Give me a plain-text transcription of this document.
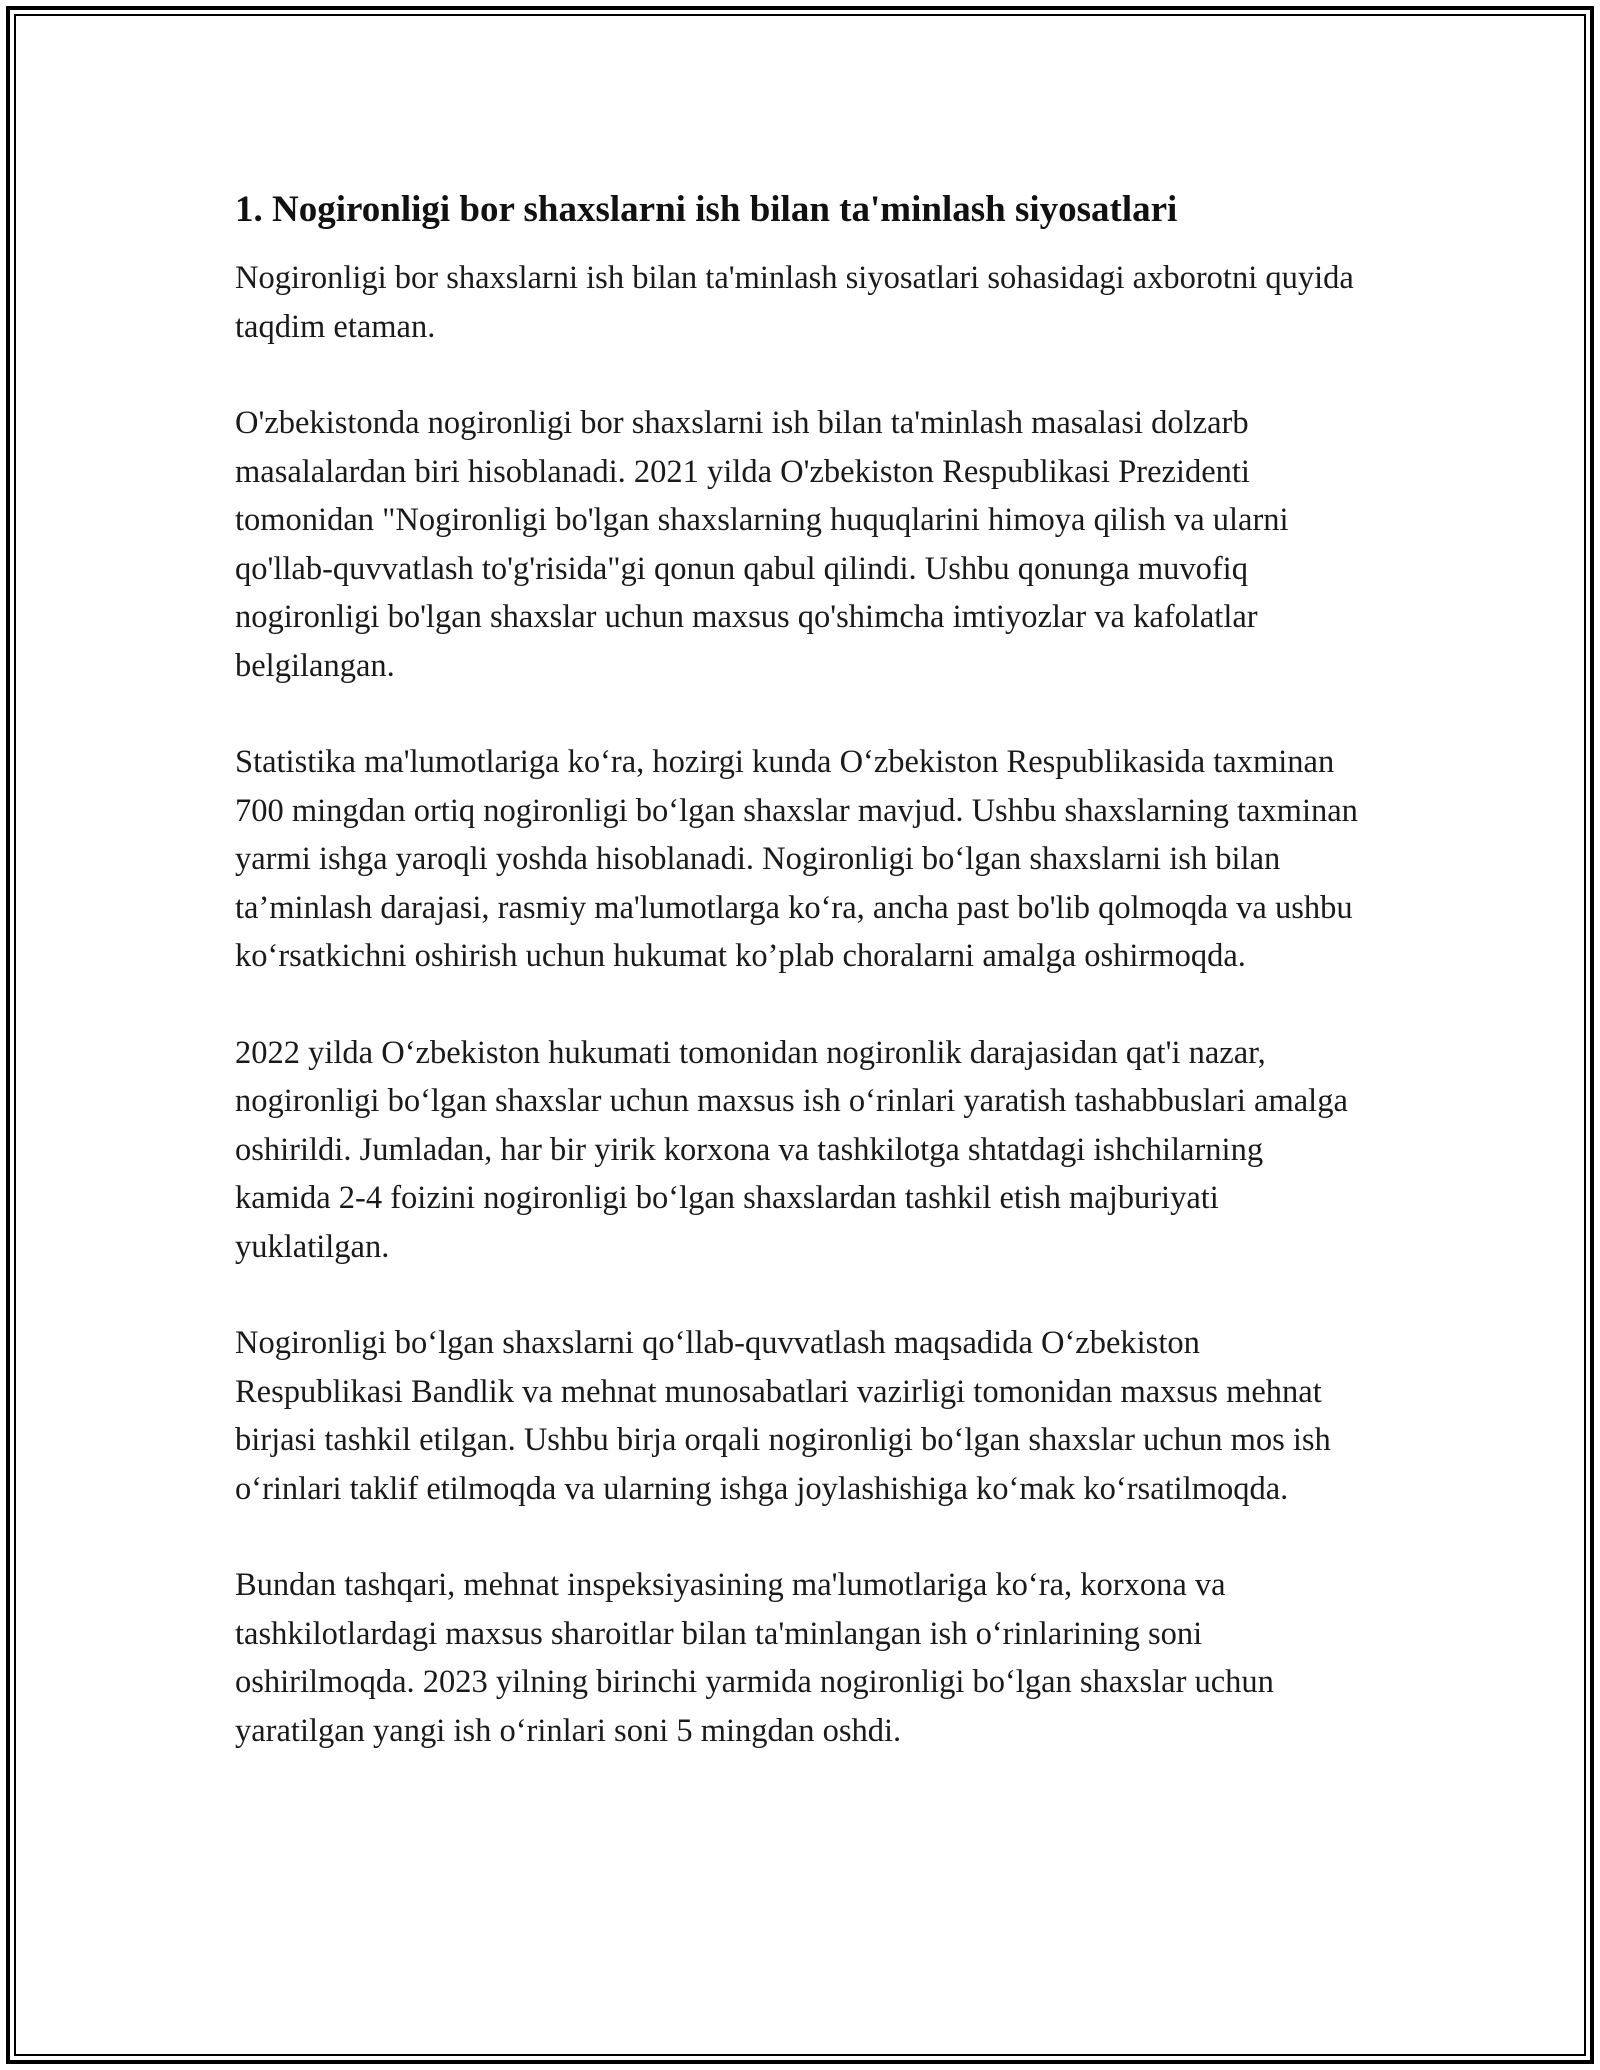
1. Nogironligi bor shaxslarni ish bilan ta'minlash siyosatlari

Nogironligi bor shaxslarni ish bilan ta'minlash siyosatlari sohasidagi axborotni quyida taqdim etaman.

O'zbekistonda nogironligi bor shaxslarni ish bilan ta'minlash masalasi dolzarb masalalardan biri hisoblanadi. 2021 yilda O'zbekiston Respublikasi Prezidenti tomonidan "Nogironligi bo'lgan shaxslarning huquqlarini himoya qilish va ularni qo'llab-quvvatlash to'g'risida"gi qonun qabul qilindi. Ushbu qonunga muvofiq nogironligi bo'lgan shaxslar uchun maxsus qo'shimcha imtiyozlar va kafolatlar belgilangan.

Statistika ma'lumotlariga ko‘ra, hozirgi kunda O‘zbekiston Respublikasida taxminan 700 mingdan ortiq nogironligi bo‘lgan shaxslar mavjud. Ushbu shaxslarning taxminan yarmi ishga yaroqli yoshda hisoblanadi. Nogironligi bo‘lgan shaxslarni ish bilan ta’minlash darajasi, rasmiy ma'lumotlarga ko‘ra, ancha past bo'lib qolmoqda va ushbu ko‘rsatkichni oshirish uchun hukumat ko’plab choralarni amalga oshirmoqda.

2022 yilda O‘zbekiston hukumati tomonidan nogironlik darajasidan qat'i nazar, nogironligi bo‘lgan shaxslar uchun maxsus ish o‘rinlari yaratish tashabbuslari amalga oshirildi. Jumladan, har bir yirik korxona va tashkilotga shtatdagi ishchilarning kamida 2-4 foizini nogironligi bo‘lgan shaxslardan tashkil etish majburiyati yuklatilgan.

Nogironligi bo‘lgan shaxslarni qo‘llab-quvvatlash maqsadida O‘zbekiston Respublikasi Bandlik va mehnat munosabatlari vazirligi tomonidan maxsus mehnat birjasi tashkil etilgan. Ushbu birja orqali nogironligi bo‘lgan shaxslar uchun mos ish o‘rinlari taklif etilmoqda va ularning ishga joylashishiga ko‘mak ko‘rsatilmoqda.

Bundan tashqari, mehnat inspeksiyasining ma'lumotlariga ko‘ra, korxona va tashkilotlardagi maxsus sharoitlar bilan ta'minlangan ish o‘rinlarining soni oshirilmoqda. 2023 yilning birinchi yarmida nogironligi bo‘lgan shaxslar uchun yaratilgan yangi ish o‘rinlari soni 5 mingdan oshdi.
